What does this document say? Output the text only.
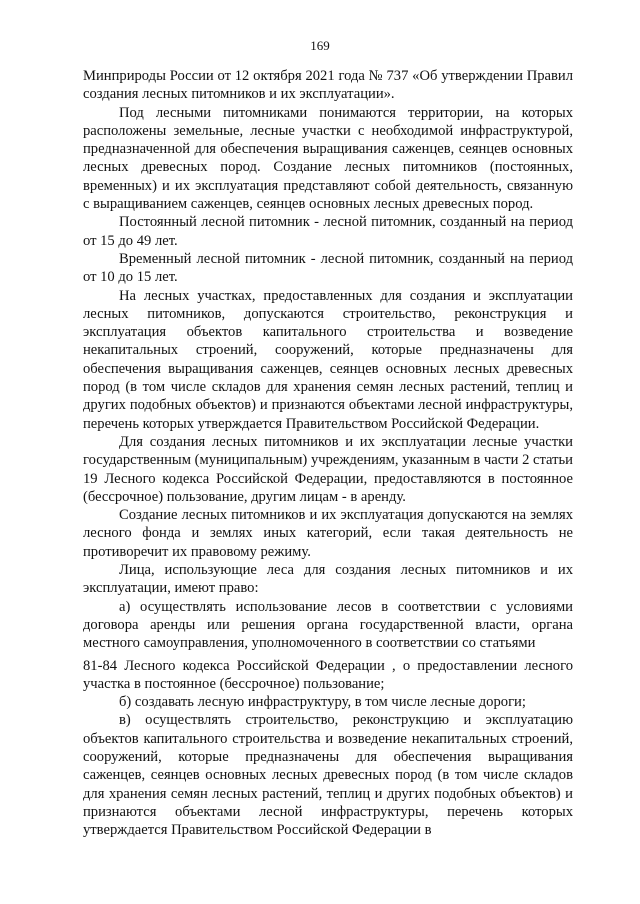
169

Минприроды России от 12 октября 2021 года № 737 «Об утверждении Правил создания лесных питомников и их эксплуатации».

Под лесными питомниками понимаются территории, на которых расположены земельные, лесные участки с необходимой инфраструктурой, предназначенной для обеспечения выращивания саженцев, сеянцев основных лесных древесных пород. Создание лесных питомников (постоянных, временных) и их эксплуатация представляют собой деятельность, связанную с выращиванием саженцев, сеянцев основных лесных древесных пород.

Постоянный лесной питомник - лесной питомник, созданный на период от 15 до 49 лет.

Временный лесной питомник - лесной питомник, созданный на период от 10 до 15 лет.

На лесных участках, предоставленных для создания и эксплуатации лесных питомников, допускаются строительство, реконструкция и эксплуатация объектов капитального строительства и возведение некапитальных строений, сооружений, которые предназначены для обеспечения выращивания саженцев, сеянцев основных лесных древесных пород (в том числе складов для хранения семян лесных растений, теплиц и других подобных объектов) и признаются объектами лесной инфраструктуры, перечень которых утверждается Правительством Российской Федерации.

Для создания лесных питомников и их эксплуатации лесные участки государственным (муниципальным) учреждениям, указанным в части 2 статьи 19 Лесного кодекса Российской Федерации, предоставляются в постоянное (бессрочное) пользование, другим лицам - в аренду.

Создание лесных питомников и их эксплуатация допускаются на землях лесного фонда и землях иных категорий, если такая деятельность не противоречит их правовому режиму.

Лица, использующие леса для создания лесных питомников и их эксплуатации, имеют право:

а) осуществлять использование лесов в соответствии с условиями договора аренды или решения органа государственной власти, органа местного самоуправления, уполномоченного в соответствии со статьями

81-84 Лесного кодекса Российской Федерации , о предоставлении лесного участка в постоянное (бессрочное) пользование;

б) создавать лесную инфраструктуру, в том числе лесные дороги;

в) осуществлять строительство, реконструкцию и эксплуатацию объектов капитального строительства и возведение некапитальных строений, сооружений, которые предназначены для обеспечения выращивания саженцев, сеянцев основных лесных древесных пород (в том числе складов для хранения семян лесных растений, теплиц и других подобных объектов) и признаются объектами лесной инфраструктуры, перечень которых утверждается Правительством Российской Федерации в
